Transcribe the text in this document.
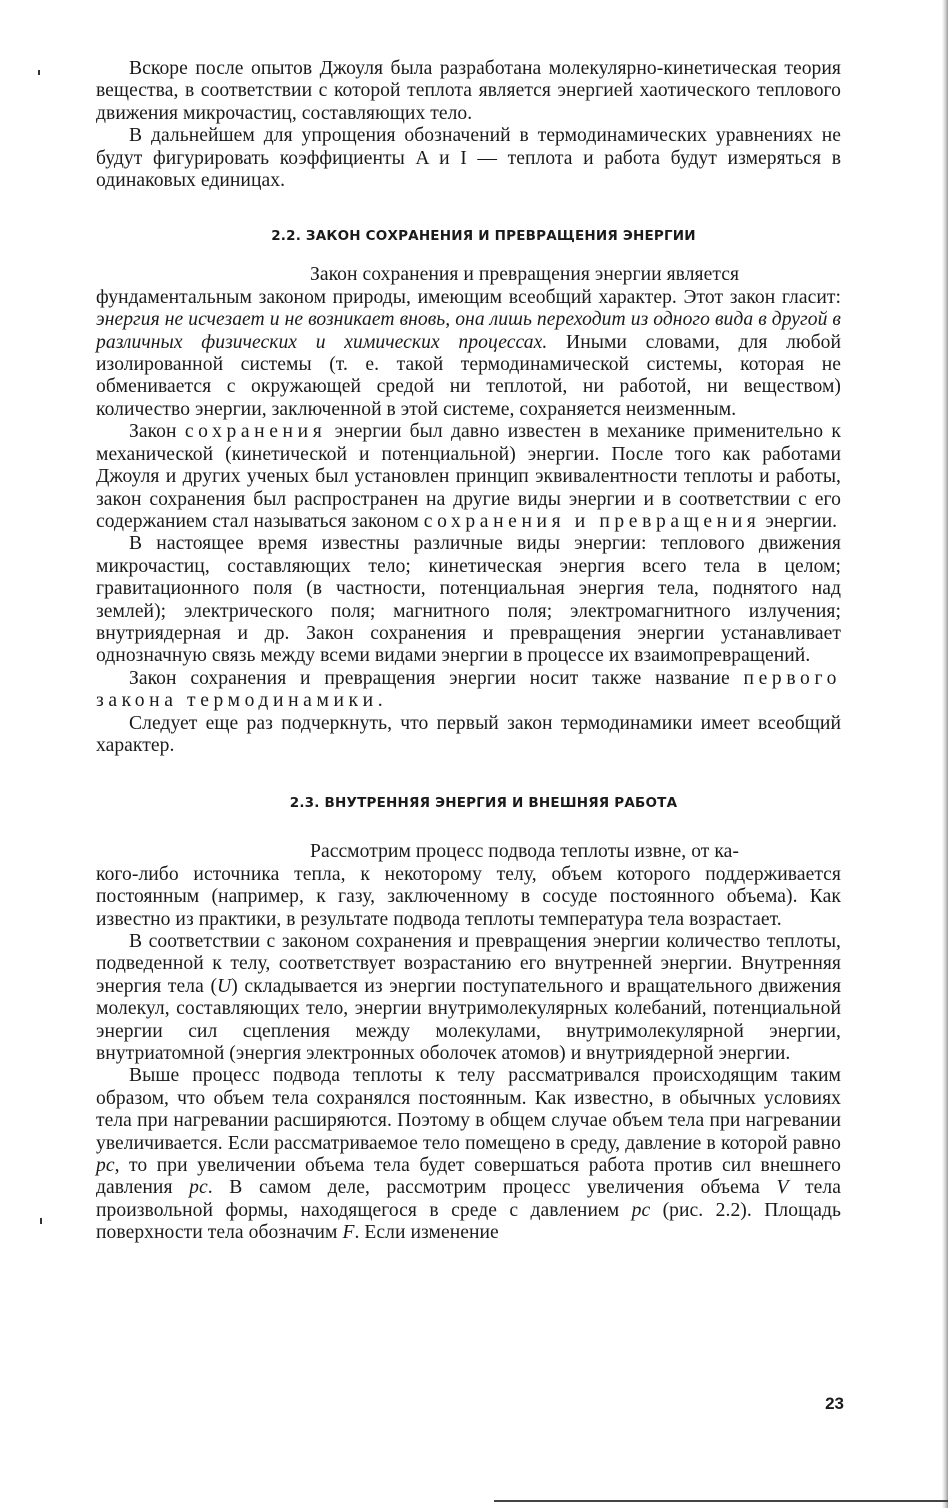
Вскоре после опытов Джоуля была разработана молекулярно-кинетическая теория вещества, в соответствии с которой теплота является энергией хаотического теплового движения микрочастиц, составляющих тело.

В дальнейшем для упрощения обозначений в термодинамических уравнениях не будут фигурировать коэффициенты A и I — теплота и работа будут измеряться в одинаковых единицах.

2.2. ЗАКОН СОХРАНЕНИЯ И ПРЕВРАЩЕНИЯ ЭНЕРГИИ

Закон сохранения и превращения энергии является

фундаментальным законом природы, имеющим всеобщий характер. Этот закон гласит: энергия не исчезает и не возникает вновь, она лишь переходит из одного вида в другой в различных физических и химических процессах. Иными словами, для любой изолированной системы (т. е. такой термодинамической системы, которая не обменивается с окружающей средой ни теплотой, ни работой, ни веществом) количество энергии, заключенной в этой системе, сохраняется неизменным.

Закон сохранения энергии был давно известен в механике применительно к механической (кинетической и потенциальной) энергии. После того как работами Джоуля и других ученых был установлен принцип эквивалентности теплоты и работы, закон сохранения был распространен на другие виды энергии и в соответствии с его содержанием стал называться законом сохранения и превращения энергии.

В настоящее время известны различные виды энергии: теплового движения микрочастиц, составляющих тело; кинетическая энергия всего тела в целом; гравитационного поля (в частности, потенциальная энергия тела, поднятого над землей); электрического поля; магнитного поля; электромагнитного излучения; внутриядерная и др. Закон сохранения и превращения энергии устанавливает однозначную связь между всеми видами энергии в процессе их взаимопревращений.

Закон сохранения и превращения энергии носит также название первого закона термодинамики.

Следует еще раз подчеркнуть, что первый закон термодинамики имеет всеобщий характер.

2.3. ВНУТРЕННЯЯ ЭНЕРГИЯ И ВНЕШНЯЯ РАБОТА

Рассмотрим процесс подвода теплоты извне, от ка-

кого-либо источника тепла, к некоторому телу, объем которого поддерживается постоянным (например, к газу, заключенному в сосуде постоянного объема). Как известно из практики, в результате подвода теплоты температура тела возрастает.

В соответствии с законом сохранения и превращения энергии количество теплоты, подведенной к телу, соответствует возрастанию его внутренней энергии. Внутренняя энергия тела (U) складывается из энергии поступательного и вращательного движения молекул, составляющих тело, энергии внутримолекулярных колебаний, потенциальной энергии сил сцепления между молекулами, внутримолекулярной энергии, внутриатомной (энергия электронных оболочек атомов) и внутриядерной энергии.

Выше процесс подвода теплоты к телу рассматривался происходящим таким образом, что объем тела сохранялся постоянным. Как известно, в обычных условиях тела при нагревании расширяются. Поэтому в общем случае объем тела при нагревании увеличивается. Если рассматриваемое тело помещено в среду, давление в которой равно pс, то при увеличении объема тела будет совершаться работа против сил внешнего давления pс. В самом деле, рассмотрим процесс увеличения объема V тела произвольной формы, находящегося в среде с давлением pс (рис. 2.2). Площадь поверхности тела обозначим F. Если изменение

23
